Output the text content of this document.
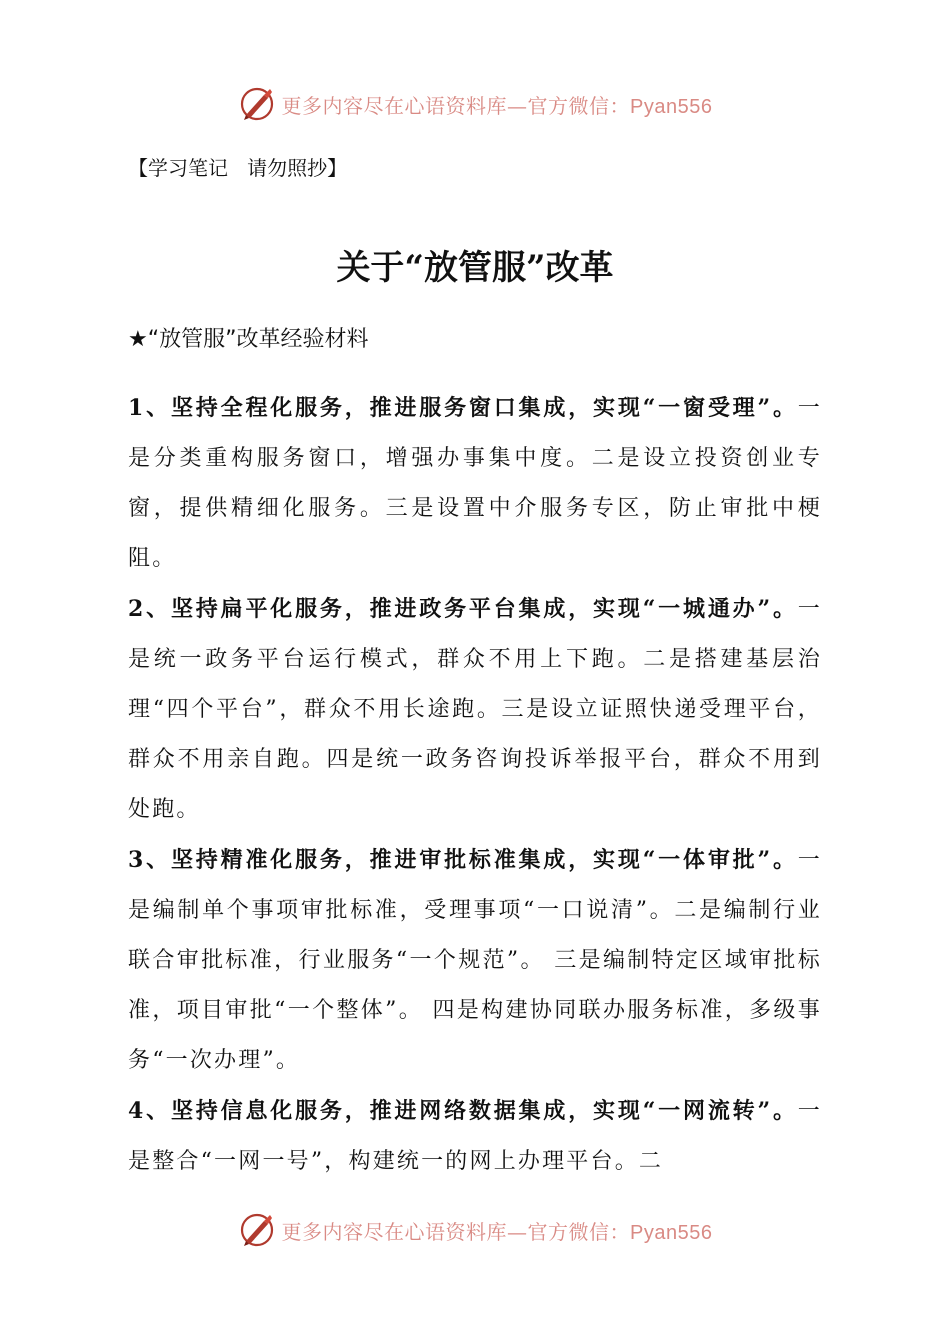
更多内容尽在心语资料库—官方微信：Pyan556
【学习笔记   请勿照抄】
关于“放管服”改革
★“放管服”改革经验材料

1、坚持全程化服务，推进服务窗口集成，实现“一窗受理”。一是分类重构服务窗口，增强办事集中度。二是设立投资创业专窗，提供精细化服务。三是设置中介服务专区，防止审批中梗阻。

2、坚持扁平化服务，推进政务平台集成，实现“一城通办”。一是统一政务平台运行模式，群众不用上下跑。二是搭建基层治理“四个平台”，群众不用长途跑。三是设立证照快递受理平台，群众不用亲自跑。四是统一政务咨询投诉举报平台，群众不用到处跑。

3、坚持精准化服务，推进审批标准集成，实现“一体审批”。一是编制单个事项审批标准，受理事项“一口说清”。二是编制行业联合审批标准，行业服务“一个规范”。 三是编制特定区域审批标准，项目审批“一个整体”。 四是构建协同联办服务标准，多级事务“一次办理”。

4、坚持信息化服务，推进网络数据集成，实现“一网流转”。一是整合“一网一号”，构建统一的网上办理平台。二

更多内容尽在心语资料库—官方微信：Pyan556
